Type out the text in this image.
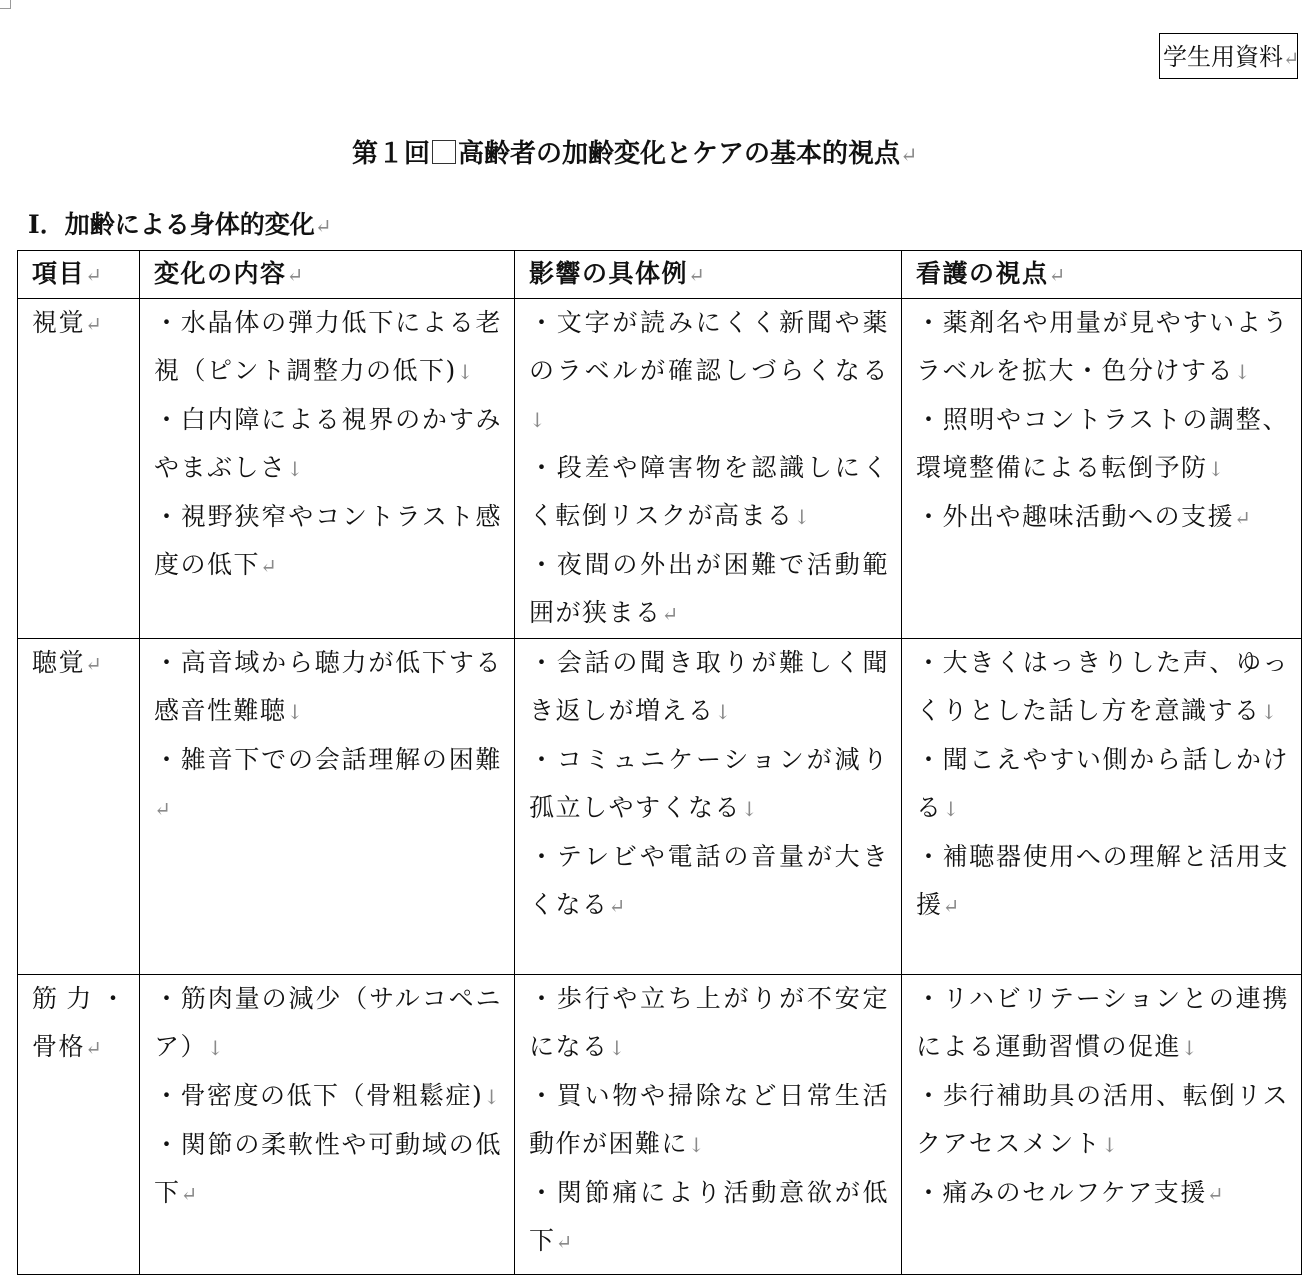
学生用資料↵
第１回 高齢者の加齢変化とケアの基本的視点↵
Ⅰ．加齢による身体的変化↵
項目↵	変化の内容↵	影響の具体例↵	看護の視点↵
視覚↵	・水晶体の弾力低下による老視（ピント調整力の低下)↓
・白内障による視界のかすみやまぶしさ↓
・視野狭窄やコントラスト感度の低下↵	・文字が読みにくく新聞や薬のラベルが確認しづらくなる↓
・段差や障害物を認識しにくく転倒リスクが高まる↓
・夜間の外出が困難で活動範囲が狭まる↵	・薬剤名や用量が見やすいようラベルを拡大・色分けする↓
・照明やコントラストの調整、環境整備による転倒予防↓
・外出や趣味活動への支援↵

聴覚↵	・高音域から聴力が低下する感音性難聴↓
・雑音下での会話理解の困難↵	・会話の聞き取りが難しく聞き返しが増える↓
・コミュニケーションが減り孤立しやすくなる↓
・テレビや電話の音量が大きくなる↵	・大きくはっきりした声、ゆっくりとした話し方を意識する↓
・聞こえやすい側から話しかける↓
・補聴器使用への理解と活用支援↵

筋力・骨格↵	・筋肉量の減少（サルコペニア）↓
・骨密度の低下（骨粗鬆症)↓
・関節の柔軟性や可動域の低下↵	・歩行や立ち上がりが不安定になる↓
・買い物や掃除など日常生活動作が困難に↓
・関節痛により活動意欲が低下↵	・リハビリテーションとの連携による運動習慣の促進↓
・歩行補助具の活用、転倒リスクアセスメント↓
・痛みのセルフケア支援↵
